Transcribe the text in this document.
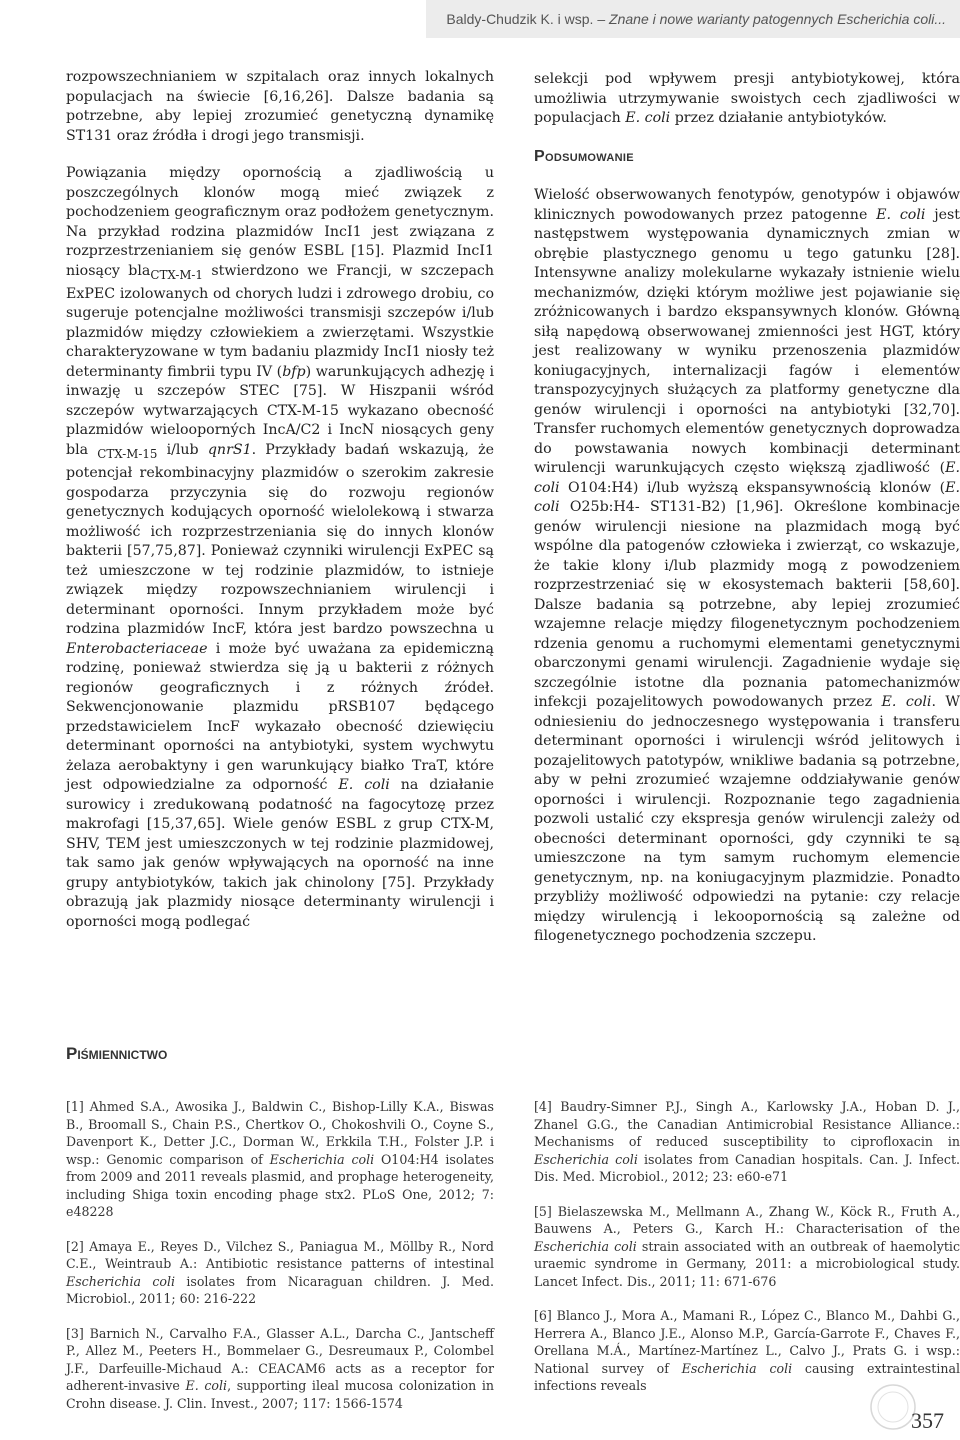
Baldy-Chudzik K. i wsp. – Znane i nowe warianty patogennych Escherichia coli...

rozpowszechnianiem w szpitalach oraz innych lokalnych populacjach na świecie [6,16,26]. Dalsze badania są potrzebne, aby lepiej zrozumieć genetyczną dynamikę ST131 oraz źródła i drogi jego transmisji.

Powiązania między opornością a zjadliwością u poszczególnych klonów mogą mieć związek z pochodzeniem geograficznym oraz podłożem genetycznym. Na przykład rodzina plazmidów IncI1 jest związana z rozprzestrzenianiem się genów ESBL [15]. Plazmid IncI1 niosący bla$_{CTX-M-1}$ stwierdzono we Francji, w szczepach ExPEC izolowanych od chorych ludzi i zdrowego drobiu, co sugeruje potencjalne możliwości transmisji szczepów i/lub plazmidów między człowiekiem a zwierzętami. Wszystkie charakteryzowane w tym badaniu plazmidy IncI1 niosły też determinanty fimbrii typu IV (bfp) warunkujących adhezję i inwazję u szczepów STEC [75]. W Hiszpanii wśród szczepów wytwarzających CTX-M-15 wykazano obecność plazmidów wielooporných IncA/C2 i IncN niosących geny bla $_{CTX-M-15}$ i/lub qnrS1. Przykłady badań wskazują, że potencjał rekombinacyjny plazmidów o szerokim zakresie gospodarza przyczynia się do rozwoju regionów genetycznych kodujących oporność wielolekową i stwarza możliwość ich rozprzestrzeniania się do innych klonów bakterii [57,75,87]. Ponieważ czynniki wirulencji ExPEC są też umieszczone w tej rodzinie plazmidów, to istnieje związek między rozpowszechnianiem wirulencji i determinant oporności. Innym przykładem może być rodzina plazmidów IncF, która jest bardzo powszechna u Enterobacteriaceae i może być uważana za epidemiczną rodzinę, ponieważ stwierdza się ją u bakterii z różnych regionów geograficznych i z różnych źródeł. Sekwencjonowanie plazmidu pRSB107 będącego przedstawicielem IncF wykazało obecność dziewięciu determinant oporności na antybiotyki, system wychwytu żelaza aerobaktyny i gen warunkujący białko TraT, które jest odpowiedzialne za odporność E. coli na działanie surowicy i zredukowaną podatność na fagocytozę przez makrofagi [15,37,65]. Wiele genów ESBL z grup CTX-M, SHV, TEM jest umieszczonych w tej rodzinie plazmidowej, tak samo jak genów wpływających na oporność na inne grupy antybiotyków, takich jak chinolony [75]. Przykłady obrazują jak plazmidy niosące determinanty wirulencji i oporności mogą podlegać

selekcji pod wpływem presji antybiotykowej, która umożliwia utrzymywanie swoistych cech zjadliwości w populacjach E. coli przez działanie antybiotyków.

Podsumowanie

Wielość obserwowanych fenotypów, genotypów i objawów klinicznych powodowanych przez patogenne E. coli jest następstwem występowania dynamicznych zmian w obrębie plastycznego genomu u tego gatunku [28]. Intensywne analizy molekularne wykazały istnienie wielu mechanizmów, dzięki którym możliwe jest pojawianie się zróżnicowanych i bardzo ekspansywnych klonów. Główną siłą napędową obserwowanej zmienności jest HGT, który jest realizowany w wyniku przenoszenia plazmidów koniugacyjnych, internalizacji fagów i elementów transpozycyjnych służących za platformy genetyczne dla genów wirulencji i oporności na antybiotyki [32,70]. Transfer ruchomych elementów genetycznych doprowadza do powstawania nowych kombinacji determinant wirulencji warunkujących często większą zjadliwość (E. coli O104:H4) i/lub wyższą ekspansywnością klonów (E. coli O25b:H4- ST131-B2) [1,96]. Określone kombinacje genów wirulencji niesione na plazmidach mogą być wspólne dla patogenów człowieka i zwierząt, co wskazuje, że takie klony i/lub plazmidy mogą z powodzeniem rozprzestrzeniać się w ekosystemach bakterii [58,60]. Dalsze badania są potrzebne, aby lepiej zrozumieć wzajemne relacje między filogenetycznym pochodzeniem rdzenia genomu a ruchomymi elementami genetycznymi obarczonymi genami wirulencji. Zagadnienie wydaje się szczególnie istotne dla poznania patomechanizmów infekcji pozajelitowych powodowanych przez E. coli. W odniesieniu do jednoczesnego występowania i transferu determinant oporności i wirulencji wśród jelitowych i pozajelitowych patotypów, wnikliwe badania są potrzebne, aby w pełni zrozumieć wzajemne oddziaływanie genów oporności i wirulencji. Rozpoznanie tego zagadnienia pozwoli ustalić czy ekspresja genów wirulencji zależy od obecności determinant oporności, gdy czynniki te są umieszczone na tym samym ruchomym elemencie genetycznym, np. na koniugacyjnym plazmidzie. Ponadto przybliży możliwość odpowiedzi na pytanie: czy relacje między wirulencją i lekoopornością są zależne od filogenetycznego pochodzenia szczepu.

Piśmiennictwo
[1] Ahmed S.A., Awosika J., Baldwin C., Bishop-Lilly K.A., Biswas B., Broomall S., Chain P.S., Chertkov O., Chokoshvili O., Coyne S., Davenport K., Detter J.C., Dorman W., Erkkila T.H., Folster J.P. i wsp.: Genomic comparison of Escherichia coli O104:H4 isolates from 2009 and 2011 reveals plasmid, and prophage heterogeneity, including Shiga toxin encoding phage stx2. PLoS One, 2012; 7: e48228
[2] Amaya E., Reyes D., Vilchez S., Paniagua M., Möllby R., Nord C.E., Weintraub A.: Antibiotic resistance patterns of intestinal Escherichia coli isolates from Nicaraguan children. J. Med. Microbiol., 2011; 60: 216-222
[3] Barnich N., Carvalho F.A., Glasser A.L., Darcha C., Jantscheff P., Allez M., Peeters H., Bommelaer G., Desreumaux P., Colombel J.F., Darfeuille-Michaud A.: CEACAM6 acts as a receptor for adherent-invasive E. coli, supporting ileal mucosa colonization in Crohn disease. J. Clin. Invest., 2007; 117: 1566-1574
[4] Baudry-Simner P.J., Singh A., Karlowsky J.A., Hoban D. J., Zhanel G.G., the Canadian Antimicrobial Resistance Alliance.: Mechanisms of reduced susceptibility to ciprofloxacin in Escherichia coli isolates from Canadian hospitals. Can. J. Infect. Dis. Med. Microbiol., 2012; 23: e60-e71
[5] Bielaszewska M., Mellmann A., Zhang W., Köck R., Fruth A., Bauwens A., Peters G., Karch H.: Characterisation of the Escherichia coli strain associated with an outbreak of haemolytic uraemic syndrome in Germany, 2011: a microbiological study. Lancet Infect. Dis., 2011; 11: 671-676
[6] Blanco J., Mora A., Mamani R., López C., Blanco M., Dahbi G., Herrera A., Blanco J.E., Alonso M.P., García-Garrote F., Chaves F., Orellana M.Á., Martínez-Martínez L., Calvo J., Prats G. i wsp.: National survey of Escherichia coli causing extraintestinal infections reveals
357
